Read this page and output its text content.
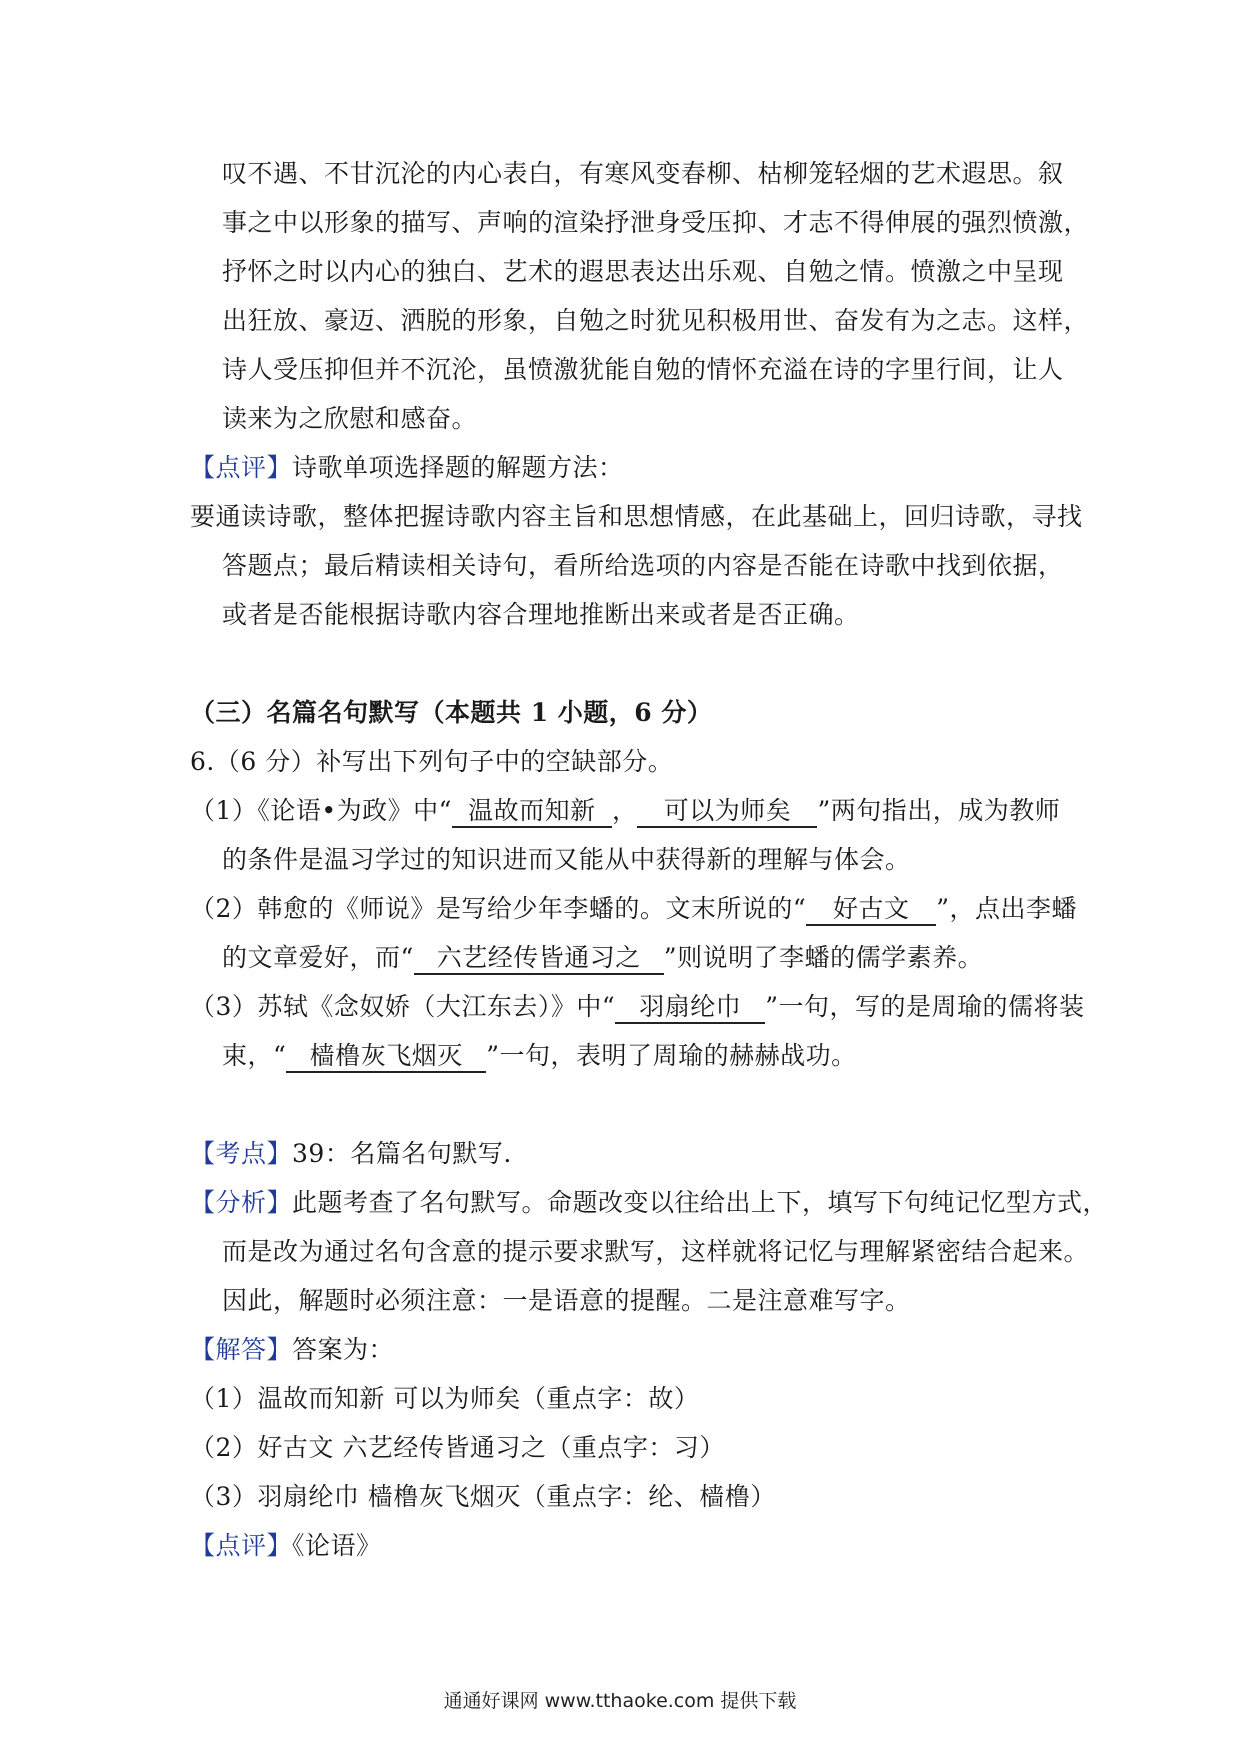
叹不遇、不甘沉沦的内心表白，有寒风变春柳、枯柳笼轻烟的艺术遐思。叙
事之中以形象的描写、声响的渲染抒泄身受压抑、才志不得伸展的强烈愤激，
抒怀之时以内心的独白、艺术的遐思表达出乐观、自勉之情。愤激之中呈现
出狂放、豪迈、洒脱的形象，自勉之时犹见积极用世、奋发有为之志。这样，
诗人受压抑但并不沉沦，虽愤激犹能自勉的情怀充溢在诗的字里行间，让人
读来为之欣慰和感奋。
【点评】诗歌单项选择题的解题方法：
要通读诗歌，整体把握诗歌内容主旨和思想情感，在此基础上，回归诗歌，寻找
答题点；最后精读相关诗句，看所给选项的内容是否能在诗歌中找到依据，
或者是否能根据诗歌内容合理地推断出来或者是否正确。
（三）名篇名句默写（本题共 1 小题，6 分）
6.（6 分）补写出下列句子中的空缺部分。
（1）《论语•为政》中“ 温故而知新 ， 可以为师矣 ”两句指出，成为教师
的条件是温习学过的知识进而又能从中获得新的理解与体会。
（2）韩愈的《师说》是写给少年李蟠的。文末所说的“ 好古文 ”，点出李蟠
的文章爱好，而“ 六艺经传皆通习之 ”则说明了李蟠的儒学素养。
（3）苏轼《念奴娇（大江东去）》中“ 羽扇纶巾 ”一句，写的是周瑜的儒将装
束，“ 樯橹灰飞烟灭 ”一句，表明了周瑜的赫赫战功。
【考点】39：名篇名句默写.
【分析】此题考查了名句默写。命题改变以往给出上下，填写下句纯记忆型方式，
而是改为通过名句含意的提示要求默写，这样就将记忆与理解紧密结合起来。
因此，解题时必须注意：一是语意的提醒。二是注意难写字。
【解答】答案为：
（1）温故而知新 可以为师矣（重点字：故）
（2）好古文 六艺经传皆通习之（重点字：习）
（3）羽扇纶巾 樯橹灰飞烟灭（重点字：纶、樯橹）
【点评】《论语》
通通好课网 www.tthaoke.com 提供下载
